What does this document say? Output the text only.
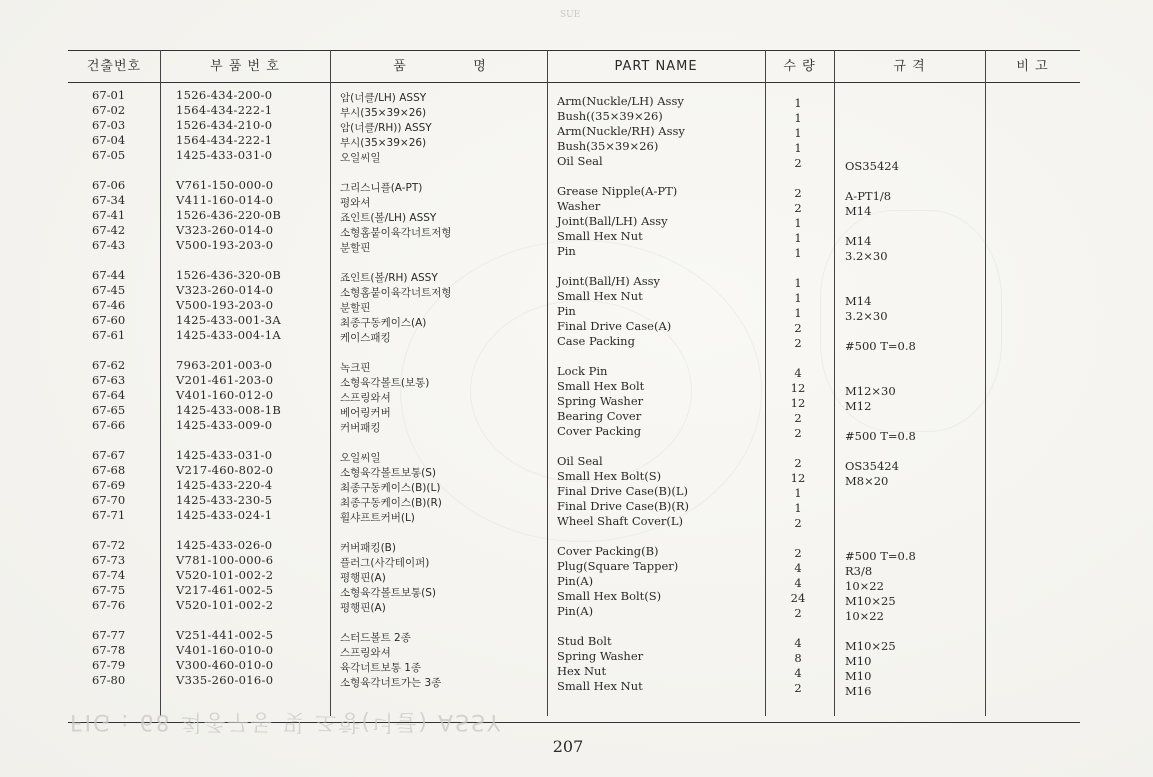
SUE
건출번호	부 품 번 호	품	명	PART NAME	수 량	규 격	비 고
67-01	1526-434-200-0	암(너클/LH) ASSY	Arm(Nuckle/LH) Assy	1
67-02	1564-434-222-1	부시(35×39×26)	Bush((35×39×26)	1
67-03	1526-434-210-0	암(너클/RH)) ASSY	Arm(Nuckle/RH) Assy	1
67-04	1564-434-222-1	부시(35×39×26)	Bush(35×39×26)	1
67-05	1425-433-031-0	오일씨일	Oil Seal	2	OS35424
67-06	V761-150-000-0	그리스니플(A-PT)	Grease Nipple(A-PT)	2	A-PT1/8
67-34	V411-160-014-0	평와셔	Washer	2	M14
67-41	1526-436-220-0B	죠인트(볼/LH) ASSY	Joint(Ball/LH) Assy	1
67-42	V323-260-014-0	소형홈붙이육각너트저형	Small Hex Nut	1	M14
67-43	V500-193-203-0	분할핀	Pin	1	3.2×30
67-44	1526-436-320-0B	죠인트(볼/RH) ASSY	Joint(Ball/H) Assy	1
67-45	V323-260-014-0	소형홈붙이육각너트저형	Small Hex Nut	1	M14
67-46	V500-193-203-0	분할핀	Pin	1	3.2×30
67-60	1425-433-001-3A	최종구동케이스(A)	Final Drive Case(A)	2
67-61	1425-433-004-1A	케이스패킹	Case Packing	2	#500 T=0.8
67-62	7963-201-003-0	녹크핀	Lock Pin	4
67-63	V201-461-203-0	소형육각볼트(보통)	Small Hex Bolt	12	M12×30
67-64	V401-160-012-0	스프링와셔	Spring Washer	12	M12
67-65	1425-433-008-1B	베어링커버	Bearing Cover	2
67-66	1425-433-009-0	커버패킹	Cover Packing	2	#500 T=0.8
67-67	1425-433-031-0	오일씨일	Oil Seal	2	OS35424
67-68	V217-460-802-0	소형육각볼트보통(S)	Small Hex Bolt(S)	12	M8×20
67-69	1425-433-220-4	최종구동케이스(B)(L)	Final Drive Case(B)(L)	1
67-70	1425-433-230-5	최종구동케이스(B)(R)	Final Drive Case(B)(R)	1
67-71	1425-433-024-1	휠샤프트커버(L)	Wheel Shaft Cover(L)	2
67-72	1425-433-026-0	커버패킹(B)	Cover Packing(B)	2	#500 T=0.8
67-73	V781-100-000-6	플러그(사각테이퍼)	Plug(Square Tapper)	4	R3/8
67-74	V520-101-002-2	평행핀(A)	Pin(A)	4	10×22
67-75	V217-461-002-5	소형육각볼트보통(S)	Small Hex Bolt(S)	24	M10×25
67-76	V520-101-002-2	평행핀(A)	Pin(A)	2	10×22
67-77	V251-441-002-5	스터드볼트 2종	Stud Bolt	4	M10×25
67-78	V401-160-010-0	스프링와셔	Spring Washer	8	M10
67-79	V300-460-010-0	육각너트보통 1종	Hex Nut	4	M10
67-80	V335-260-016-0	소형육각너트가는 3종	Small Hex Nut	2	M16
FIG : 68 최종구동 및 조향(너클) ASSY
207
